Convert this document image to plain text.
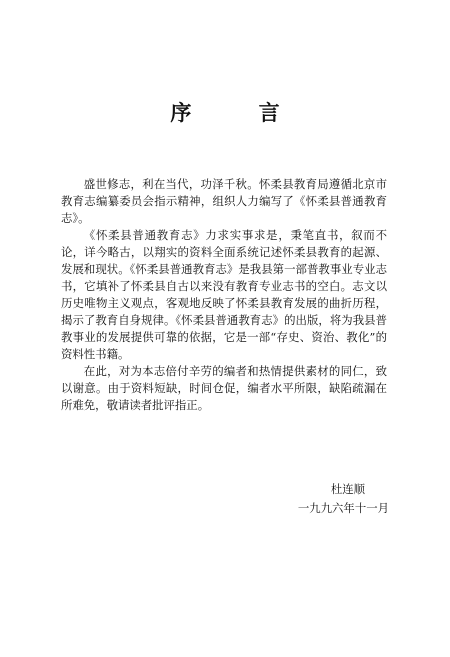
序 言

盛世修志，利在当代，功泽千秋。怀柔县教育局遵循北京市教育志编纂委员会指示精神，组织人力编写了《怀柔县普通教育志》。

《怀柔县普通教育志》力求实事求是，秉笔直书，叙而不论，详今略古，以翔实的资料全面系统记述怀柔县教育的起源、发展和现状。《怀柔县普通教育志》是我县第一部普教事业专业志书，它填补了怀柔县自古以来没有教育专业志书的空白。志文以历史唯物主义观点，客观地反映了怀柔县教育发展的曲折历程，揭示了教育自身规律。《怀柔县普通教育志》的出版，将为我县普教事业的发展提供可靠的依据，它是一部“存史、资治、教化”的资料性书籍。

在此，对为本志倍付辛劳的编者和热情提供素材的同仁，致以谢意。由于资料短缺，时间仓促，编者水平所限，缺陷疏漏在所难免，敬请读者批评指正。

杜连顺
一九九六年十一月
